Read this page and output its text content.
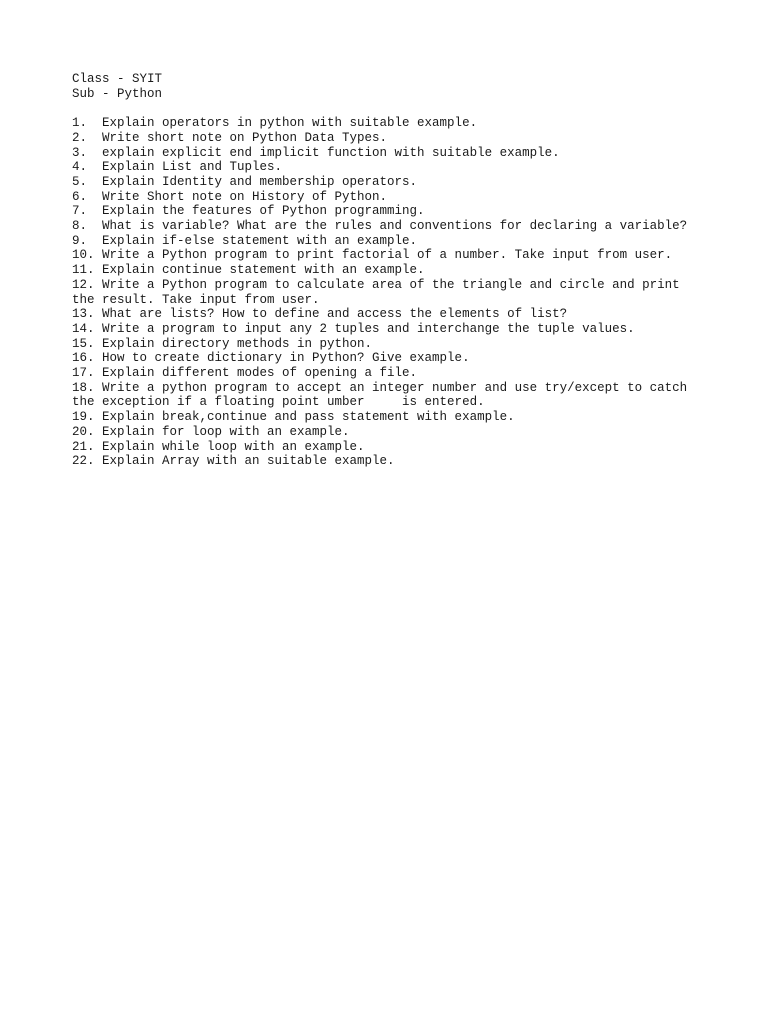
Class - SYIT
Sub - Python
1.  Explain operators in python with suitable example.
2.  Write short note on Python Data Types.
3.  explain explicit end implicit function with suitable example.
4.  Explain List and Tuples.
5.  Explain Identity and membership operators.
6.  Write Short note on History of Python.
7.  Explain the features of Python programming.
8.  What is variable? What are the rules and conventions for declaring a variable?
9.  Explain if-else statement with an example.
10. Write a Python program to print factorial of a number. Take input from user.
11. Explain continue statement with an example.
12. Write a Python program to calculate area of the triangle and circle and print
the result. Take input from user.
13. What are lists? How to define and access the elements of list?
14. Write a program to input any 2 tuples and interchange the tuple values.
15. Explain directory methods in python.
16. How to create dictionary in Python? Give example.
17. Explain different modes of opening a file.
18. Write a python program to accept an integer number and use try/except to catch
the exception if a floating point umber     is entered.
19. Explain break,continue and pass statement with example.
20. Explain for loop with an example.
21. Explain while loop with an example.
22. Explain Array with an suitable example.
